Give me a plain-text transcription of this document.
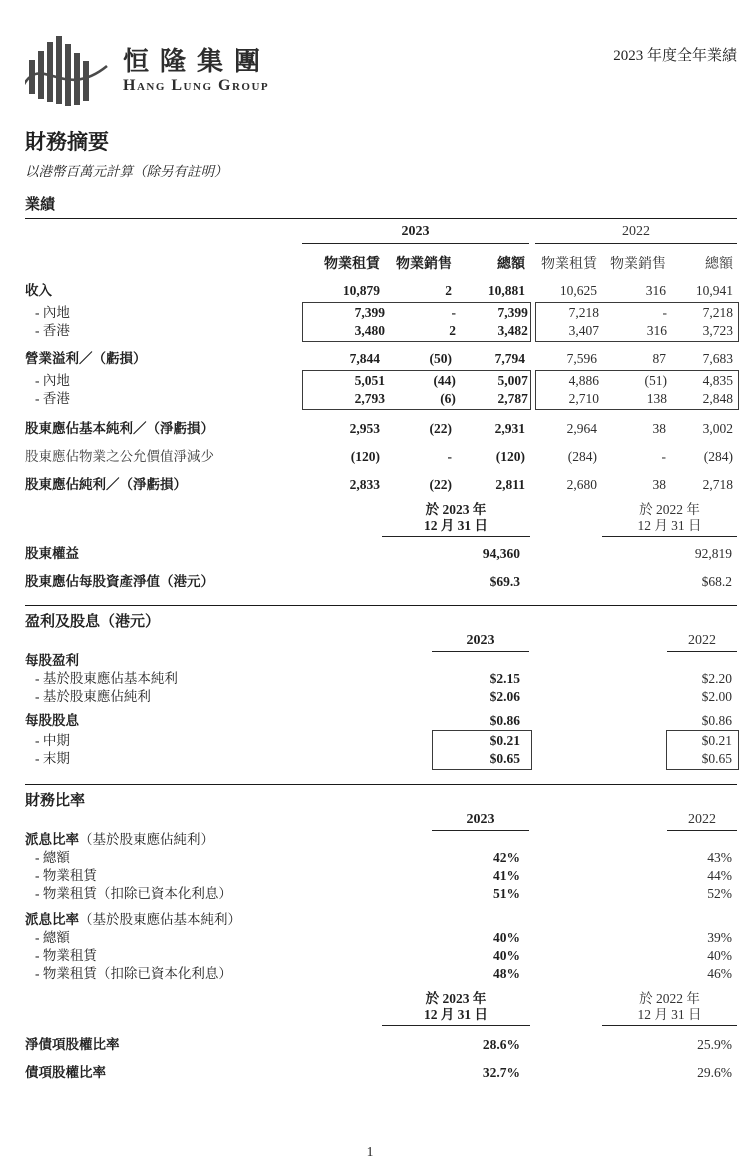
恒隆集團
Hang Lung Group
2023 年度全年業績
財務摘要
以港幣百萬元計算（除另有註明）
業績
2023	2022
物業租賃	物業銷售	總額	物業租賃 物業銷售	總額
收入	10,879	2	10,881	10,625	316	10,941
- 內地	7,399	-	7,399	7,218	-	7,218
- 香港	3,480	2	3,482	3,407	316	3,723
營業溢利／（虧損）	7,844	(50)	7,794	7,596	87	7,683
- 內地	5,051	(44)	5,007	4,886	(51)	4,835
- 香港	2,793	(6)	2,787	2,710	138	2,848
股東應佔基本純利／（淨虧損）	2,953	(22)	2,931	2,964	38	3,002
股東應佔物業之公允價值淨減少	(120)	-	(120)	(284)	-	(284)
股東應佔純利／（淨虧損）	2,833	(22)	2,811	2,680	38	2,718
於 2023 年
12 月 31 日
於 2022 年
12 月 31 日
股東權益	94,360	92,819
股東應佔每股資產淨值（港元）	$69.3	$68.2
盈利及股息（港元）
2023	2022
每股盈利
- 基於股東應佔基本純利	$2.15	$2.20
- 基於股東應佔純利	$2.06	$2.00
每股股息	$0.86	$0.86
- 中期	$0.21	$0.21
- 末期	$0.65	$0.65
財務比率
2023	2022
派息比率（基於股東應佔純利）
- 總額	42%	43%
- 物業租賃	41%	44%
- 物業租賃（扣除已資本化利息）	51%	52%
派息比率（基於股東應佔基本純利）
- 總額	40%	39%
- 物業租賃	40%	40%
- 物業租賃（扣除已資本化利息）	48%	46%
於 2023 年
12 月 31 日
於 2022 年
12 月 31 日
淨債項股權比率	28.6%	25.9%
債項股權比率	32.7%	29.6%
1
